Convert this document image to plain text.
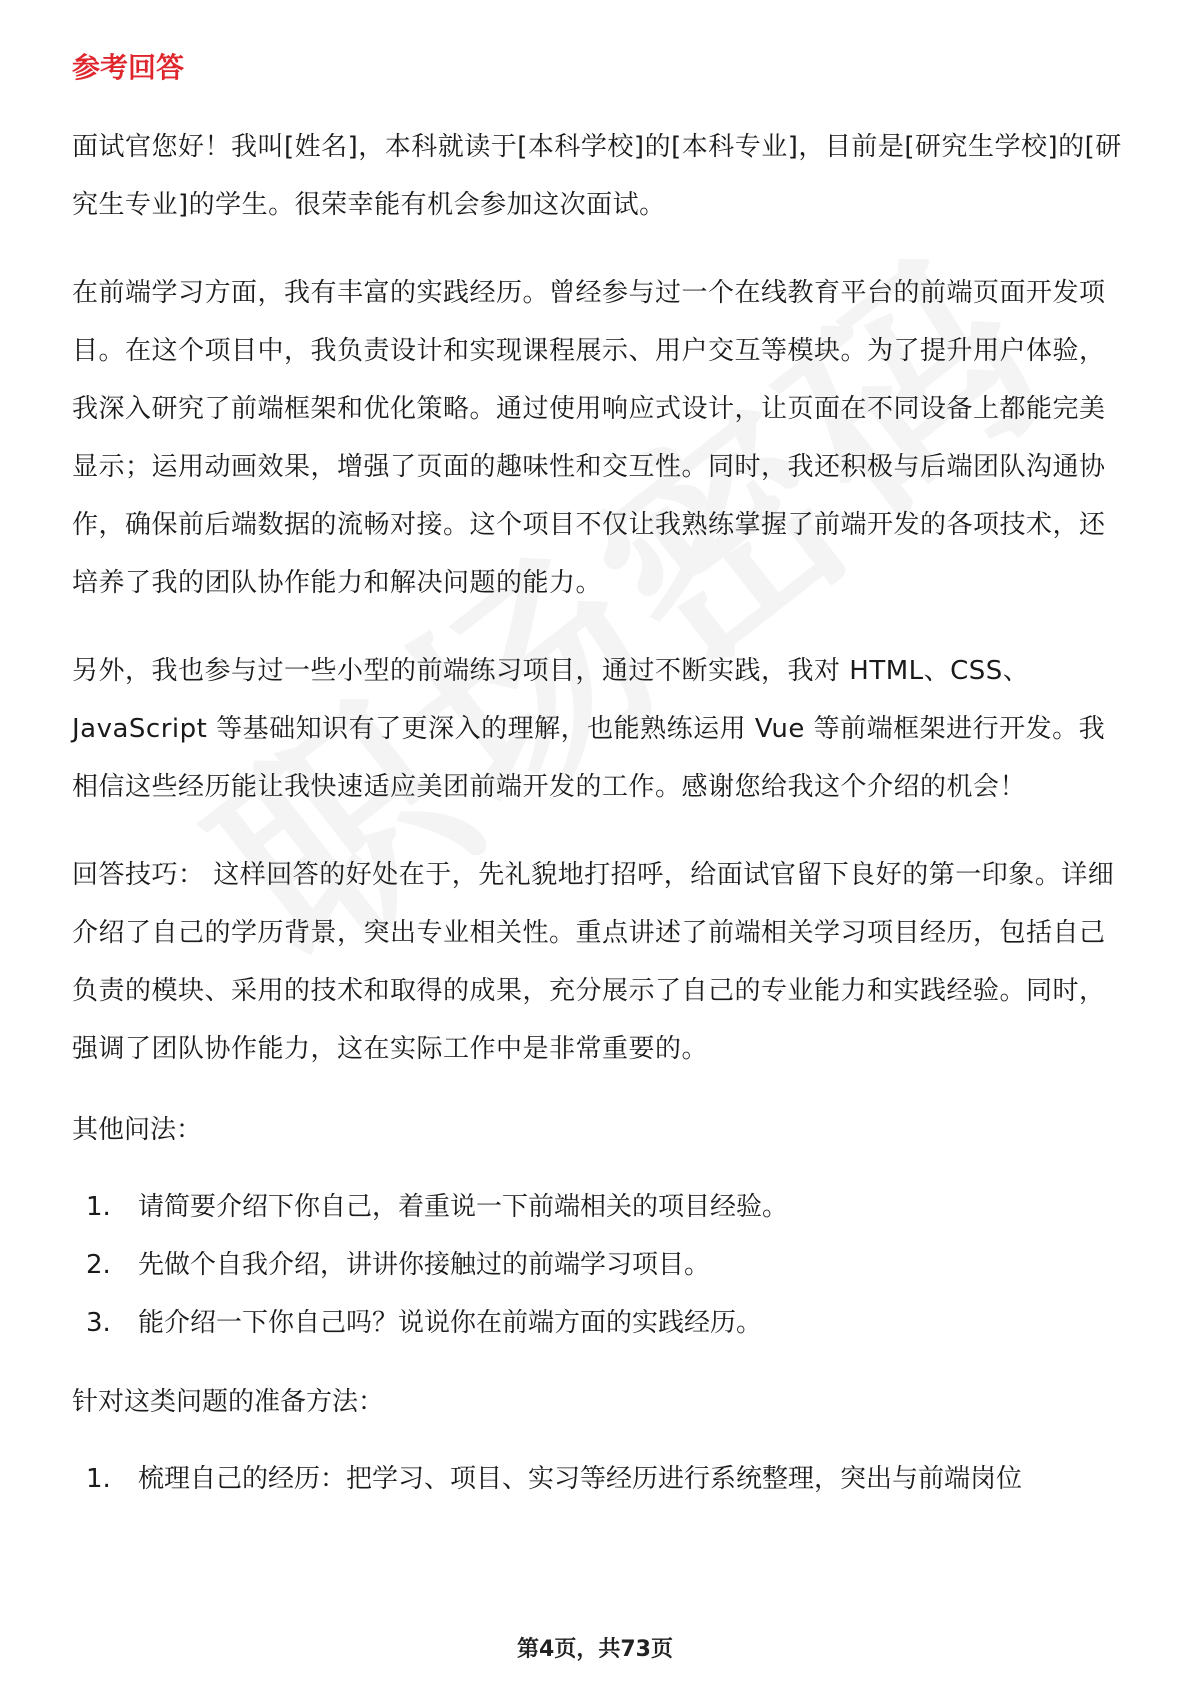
参考回答

面试官您好！我叫[姓名]，本科就读于[本科学校]的[本科专业]，目前是[研究生学校]的[研究生专业]的学生。很荣幸能有机会参加这次面试。

在前端学习方面，我有丰富的实践经历。曾经参与过一个在线教育平台的前端页面开发项目。在这个项目中，我负责设计和实现课程展示、用户交互等模块。为了提升用户体验，我深入研究了前端框架和优化策略。通过使用响应式设计，让页面在不同设备上都能完美显示；运用动画效果，增强了页面的趣味性和交互性。同时，我还积极与后端团队沟通协作，确保前后端数据的流畅对接。这个项目不仅让我熟练掌握了前端开发的各项技术，还培养了我的团队协作能力和解决问题的能力。

另外，我也参与过一些小型的前端练习项目，通过不断实践，我对 HTML、CSS、JavaScript 等基础知识有了更深入的理解，也能熟练运用 Vue 等前端框架进行开发。我相信这些经历能让我快速适应美团前端开发的工作。感谢您给我这个介绍的机会！

回答技巧： 这样回答的好处在于，先礼貌地打招呼，给面试官留下良好的第一印象。详细介绍了自己的学历背景，突出专业相关性。重点讲述了前端相关学习项目经历，包括自己负责的模块、采用的技术和取得的成果，充分展示了自己的专业能力和实践经验。同时，强调了团队协作能力，这在实际工作中是非常重要的。

其他问法：
1.	请简要介绍下你自己，着重说一下前端相关的项目经验。
2.	先做个自我介绍，讲讲你接触过的前端学习项目。
3.	能介绍一下你自己吗？说说你在前端方面的实践经历。
针对这类问题的准备方法：
1.	梳理自己的经历：把学习、项目、实习等经历进行系统整理，突出与前端岗位
第4页，共73页
